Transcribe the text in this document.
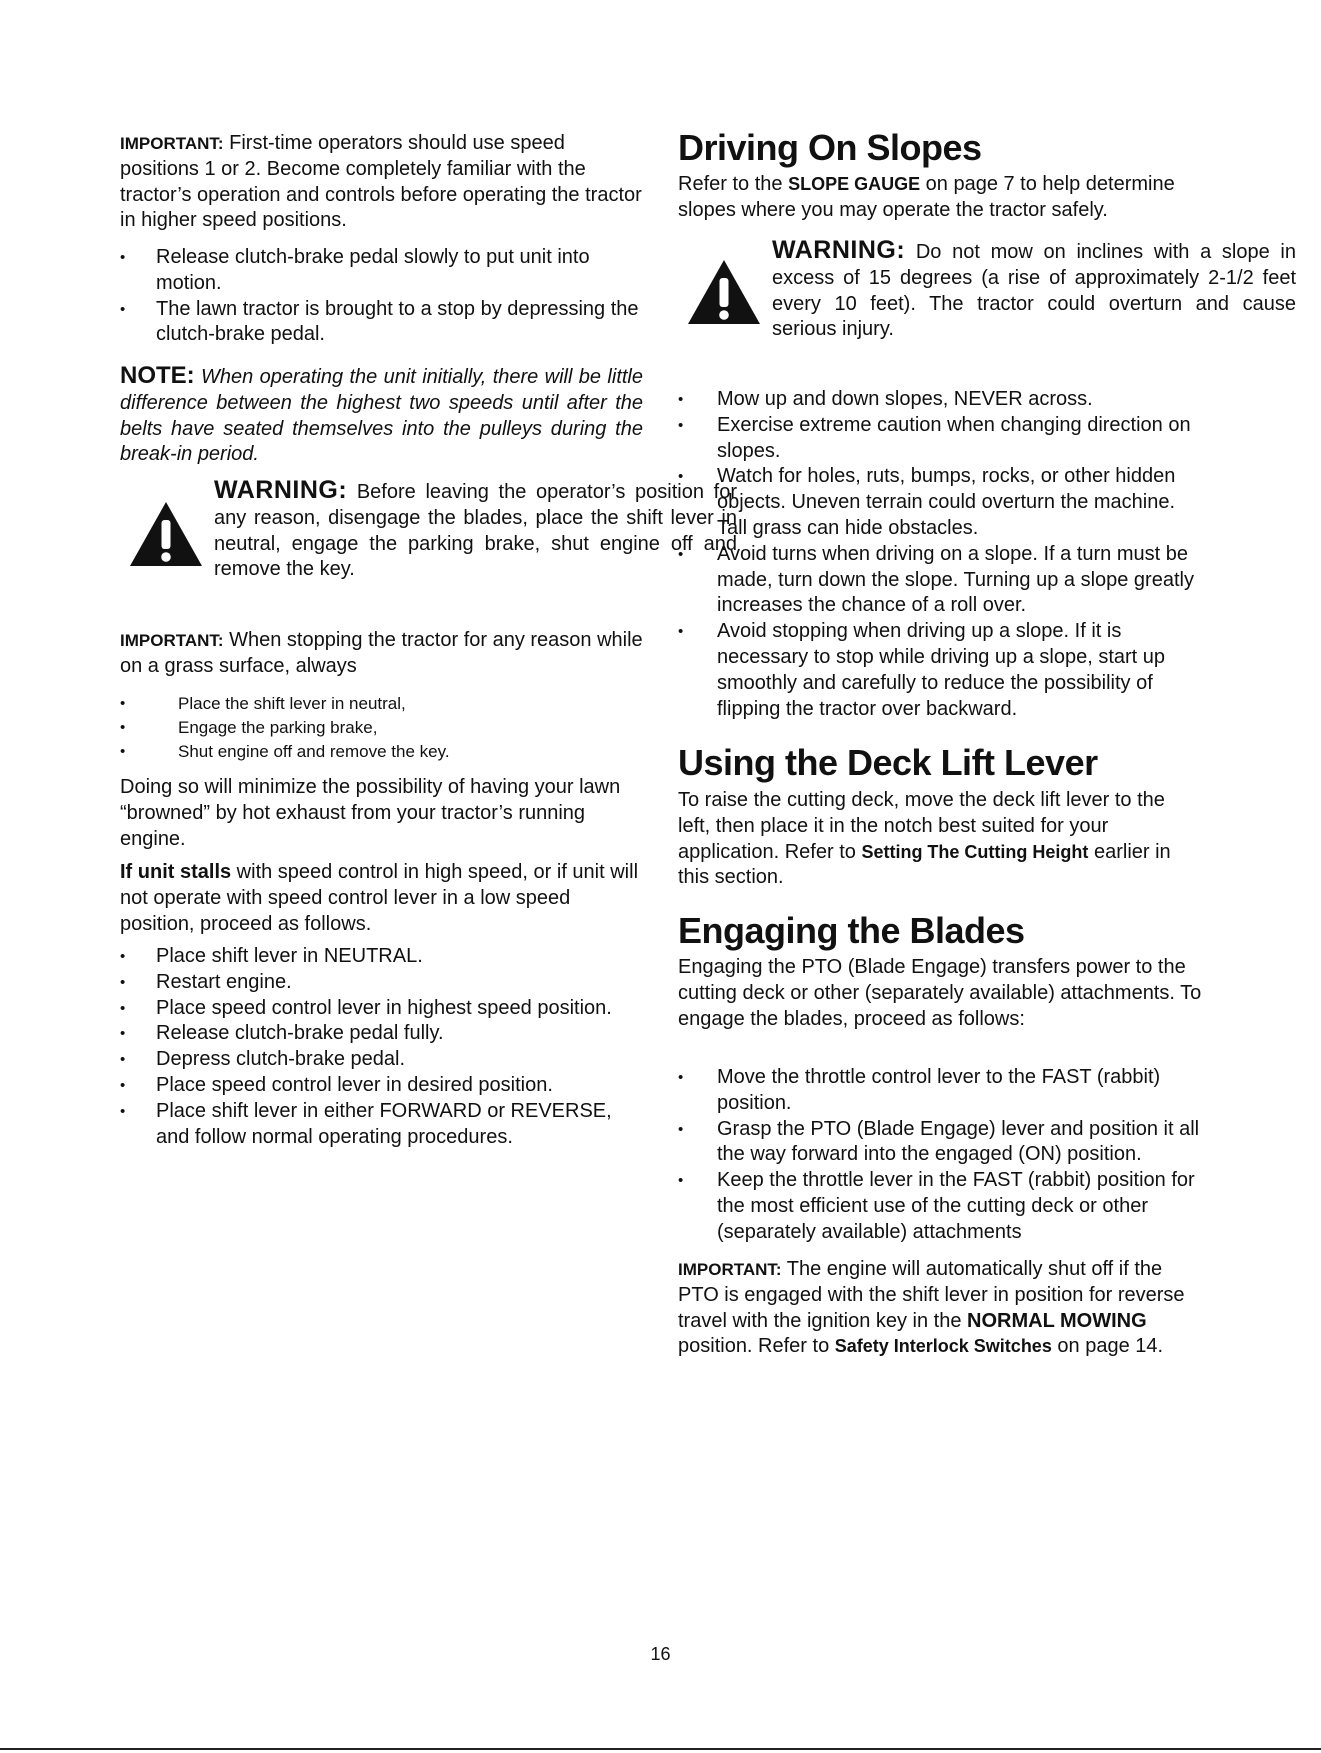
IMPORTANT: First-time operators should use speed positions 1 or 2. Become completely familiar with the tractor’s operation and controls before operating the tractor in higher speed positions.

• Release clutch-brake pedal slowly to put unit into motion.
• The lawn tractor is brought to a stop by depressing the clutch-brake pedal.

NOTE: When operating the unit initially, there will be little difference between the highest two speeds until after the belts have seated themselves into the pulleys during the break-in period.

WARNING: Before leaving the operator’s position for any reason, disengage the blades, place the shift lever in neutral, engage the parking brake, shut engine off and remove the key.

IMPORTANT: When stopping the tractor for any reason while on a grass surface, always

• Place the shift lever in neutral,
• Engage the parking brake,
• Shut engine off and remove the key.

Doing so will minimize the possibility of having your lawn “browned” by hot exhaust from your tractor’s running engine.

If unit stalls with speed control in high speed, or if unit will not operate with speed control lever in a low speed position, proceed as follows.

• Place shift lever in NEUTRAL.
• Restart engine.
• Place speed control lever in highest speed position.
• Release clutch-brake pedal fully.
• Depress clutch-brake pedal.
• Place speed control lever in desired position.
• Place shift lever in either FORWARD or REVERSE, and follow normal operating procedures.
Driving On Slopes

Refer to the SLOPE GAUGE on page 7 to help determine slopes where you may operate the tractor safely.

WARNING: Do not mow on inclines with a slope in excess of 15 degrees (a rise of approximately 2-1/2 feet every 10 feet). The tractor could overturn and cause serious injury.

• Mow up and down slopes, NEVER across.
• Exercise extreme caution when changing direction on slopes.
• Watch for holes, ruts, bumps, rocks, or other hidden objects. Uneven terrain could overturn the machine. Tall grass can hide obstacles.
• Avoid turns when driving on a slope. If a turn must be made, turn down the slope. Turning up a slope greatly increases the chance of a roll over.
• Avoid stopping when driving up a slope. If it is necessary to stop while driving up a slope, start up smoothly and carefully to reduce the possibility of flipping the tractor over backward.
Using the Deck Lift Lever

To raise the cutting deck, move the deck lift lever to the left, then place it in the notch best suited for your application. Refer to Setting The Cutting Height earlier in this section.

Engaging the Blades

Engaging the PTO (Blade Engage) transfers power to the cutting deck or other (separately available) attachments. To engage the blades, proceed as follows:

• Move the throttle control lever to the FAST (rabbit) position.
• Grasp the PTO (Blade Engage) lever and position it all the way forward into the engaged (ON) position.
• Keep the throttle lever in the FAST (rabbit) position for the most efficient use of the cutting deck or other (separately available) attachments

IMPORTANT: The engine will automatically shut off if the PTO is engaged with the shift lever in position for reverse travel with the ignition key in the NORMAL MOWING position. Refer to Safety Interlock Switches on page 14.

16
